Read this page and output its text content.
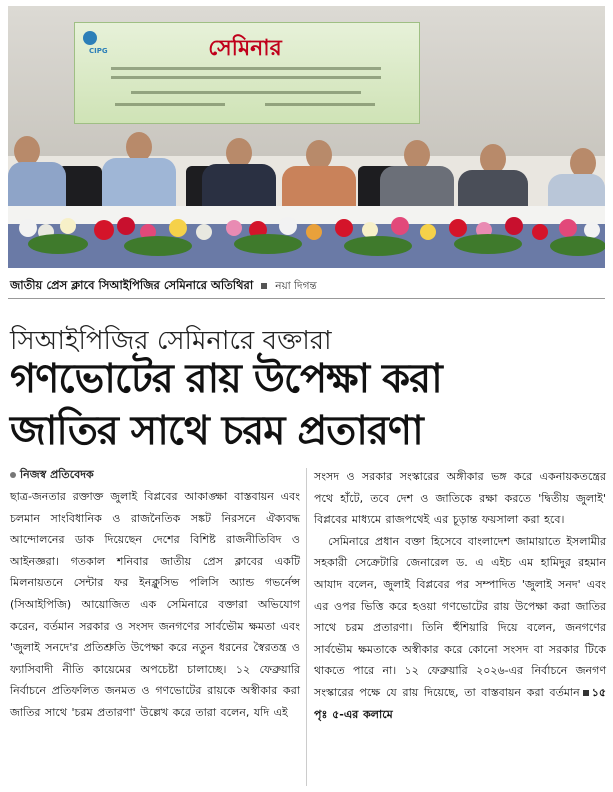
CIPG	সেমিনার
জাতীয় প্রেস ক্লাবে সিআইপিজির সেমিনারে অতিথিরা নয়া দিগন্ত
সিআইপিজির সেমিনারে বক্তারা
গণভোটের রায় উপেক্ষা করা
জাতির সাথে চরম প্রতারণা
নিজস্ব প্রতিবেদক

ছাত্র-জনতার রক্তাক্ত জুলাই বিপ্লবের আকাঙ্ক্ষা বাস্তবায়ন এবং চলমান সাংবিধানিক ও রাজনৈতিক সঙ্কট নিরসনে ঐক্যবদ্ধ আন্দোলনের ডাক দিয়েছেন দেশের বিশিষ্ট রাজনীতিবিদ ও আইনজ্ঞরা। গতকাল শনিবার জাতীয় প্রেস ক্লাবের একটি মিলনায়তনে সেন্টার ফর ইনক্লুসিভ পলিসি অ্যান্ড গভর্নেন্স (সিআইপিজি) আয়োজিত এক সেমিনারে বক্তারা অভিযোগ করেন, বর্তমান সরকার ও সংসদ জনগণের সার্বভৌম ক্ষমতা এবং 'জুলাই সনদে'র প্রতিশ্রুতি উপেক্ষা করে নতুন ধরনের স্বৈরতন্ত্র ও ফ্যাসিবাদী নীতি কায়েমের অপচেষ্টা চালাচ্ছে। ১২ ফেব্রুয়ারি নির্বাচনে প্রতিফলিত জনমত ও গণভোটের রায়কে অস্বীকার করা জাতির সাথে 'চরম প্রতারণা' উল্লেখ করে তারা বলেন, যদি এই

সংসদ ও সরকার সংস্কারের অঙ্গীকার ভঙ্গ করে একনায়কতন্ত্রের পথে হাঁটে, তবে দেশ ও জাতিকে রক্ষা করতে 'দ্বিতীয় জুলাই' বিপ্লবের মাধ্যমে রাজপথেই এর চূড়ান্ত ফয়সালা করা হবে।

সেমিনারে প্রধান বক্তা হিসেবে বাংলাদেশ জামায়াতে ইসলামীর সহকারী সেক্রেটারি জেনারেল ড. এ এইচ এম হামিদুর রহমান আযাদ বলেন, জুলাই বিপ্লবের পর সম্পাদিত 'জুলাই সনদ' এবং এর ওপর ভিত্তি করে হওয়া গণভোটের রায় উপেক্ষা করা জাতির সাথে চরম প্রতারণা। তিনি হুঁশিয়ারি দিয়ে বলেন, জনগণের সার্বভৌম ক্ষমতাকে অস্বীকার করে কোনো সংসদ বা সরকার টিকে থাকতে পারে না। ১২ ফেব্রুয়ারি ২০২৬-এর নির্বাচনে জনগণ সংস্কারের পক্ষে যে রায় দিয়েছে, তা বাস্তবায়ন করা বর্তমান ১৫ পৃঃ ৫-এর কলামে
